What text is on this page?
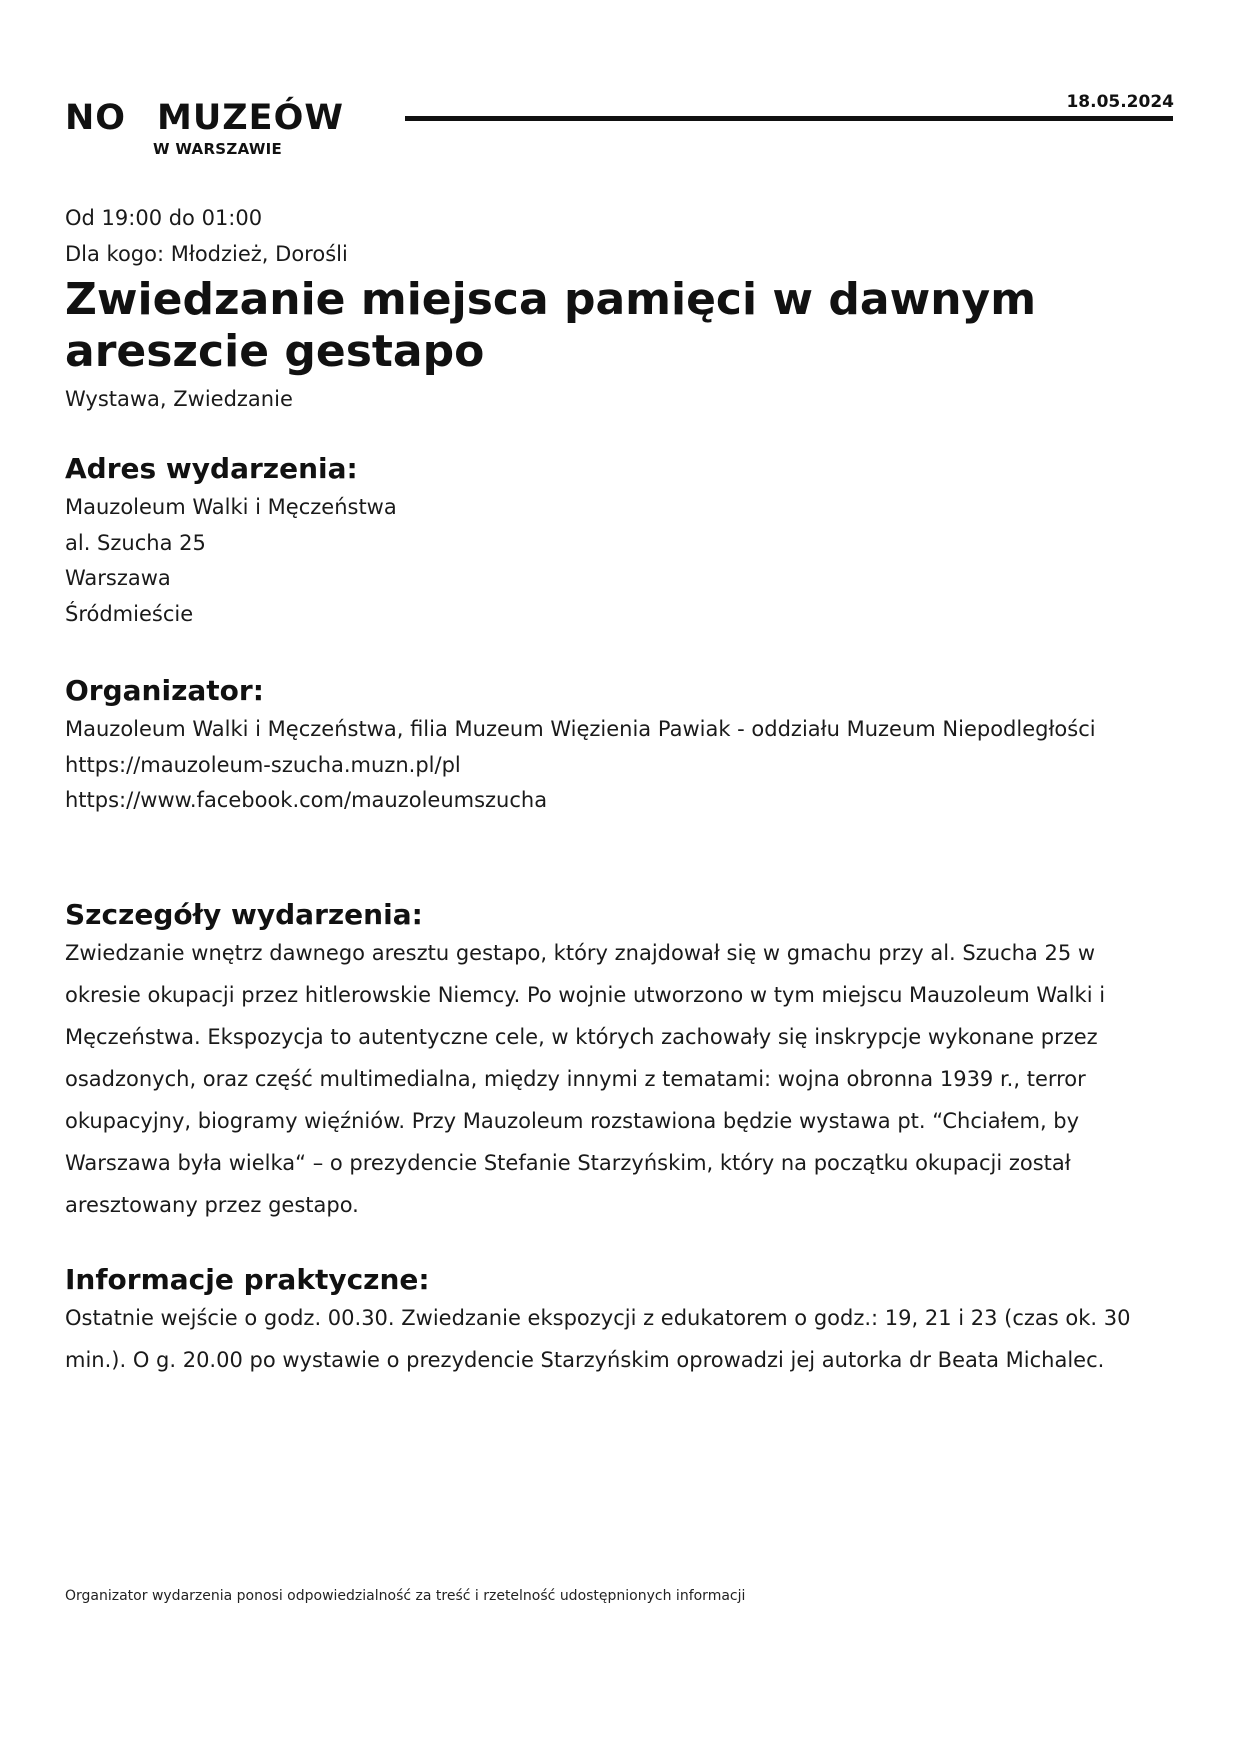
NO MUZEÓW
W WARSZAWIE
18.05.2024
Od 19:00 do 01:00
Dla kogo: Młodzież, Dorośli
Zwiedzanie miejsca pamięci w dawnym areszcie gestapo
Wystawa, Zwiedzanie
Adres wydarzenia:
Mauzoleum Walki i Męczeństwa
al. Szucha 25
Warszawa
Śródmieście
Organizator:
Mauzoleum Walki i Męczeństwa, filia Muzeum Więzienia Pawiak - oddziału Muzeum Niepodległości
https://mauzoleum-szucha.muzn.pl/pl
https://www.facebook.com/mauzoleumszucha
Szczegóły wydarzenia:

Zwiedzanie wnętrz dawnego aresztu gestapo, który znajdował się w gmachu przy al. Szucha 25 w okresie okupacji przez hitlerowskie Niemcy. Po wojnie utworzono w tym miejscu Mauzoleum Walki i Męczeństwa. Ekspozycja to autentyczne cele, w których zachowały się inskrypcje wykonane przez osadzonych, oraz część multimedialna, między innymi z tematami: wojna obronna 1939 r., terror okupacyjny, biogramy więźniów. Przy Mauzoleum rozstawiona będzie wystawa pt. “Chciałem, by Warszawa była wielka“ – o prezydencie Stefanie Starzyńskim, który na początku okupacji został aresztowany przez gestapo.

Informacje praktyczne:

Ostatnie wejście o godz. 00.30. Zwiedzanie ekspozycji z edukatorem o godz.: 19, 21 i 23 (czas ok. 30 min.). O g. 20.00 po wystawie o prezydencie Starzyńskim oprowadzi jej autorka dr Beata Michalec.

Organizator wydarzenia ponosi odpowiedzialność za treść i rzetelność udostępnionych informacji
